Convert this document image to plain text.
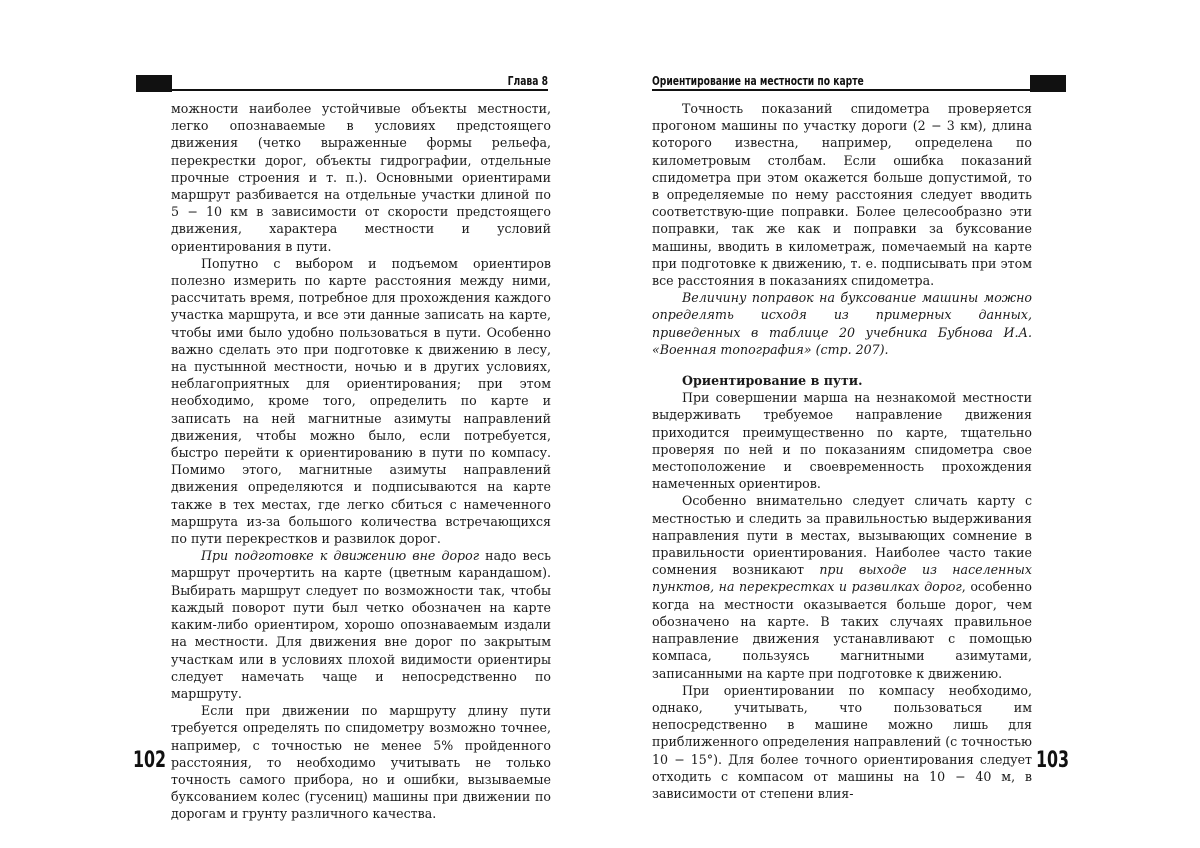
Глава 8

можности наиболее устойчивые объекты местности, легко опознаваемые в условиях предстоящего движения (четко выраженные формы рельефа, перекрестки дорог, объекты гидрографии, отдельные прочные строения и т. п.). Основными ориентирами маршрут разбивается на отдельные участки длиной по 5 − 10 км в зависимости от скорости предстоящего движения, характера местности и условий ориентирования в пути.

Попутно с выбором и подъемом ориентиров полезно измерить по карте расстояния между ними, рассчитать время, потребное для прохождения каждого участка маршрута, и все эти данные записать на карте, чтобы ими было удобно пользоваться в пути. Особенно важно сделать это при подготовке к движению в лесу, на пустынной местности, ночью и в других условиях, неблагоприятных для ориентирования; при этом необходимо, кроме того, определить по карте и записать на ней магнитные азимуты направлений движения, чтобы можно было, если потребуется, быстро перейти к ориентированию в пути по компасу. Помимо этого, магнитные азимуты направлений движения определяются и подписываются на карте также в тех местах, где легко сбиться с намеченного маршрута из-за большого количества встречающихся по пути перекрестков и развилок дорог.

При подготовке к движению вне дорог надо весь маршрут прочертить на карте (цветным карандашом). Выбирать маршрут следует по возможности так, чтобы каждый поворот пути был четко обозначен на карте каким-либо ориентиром, хорошо опознаваемым издали на местности. Для движения вне дорог по закрытым участкам или в условиях плохой видимости ориентиры следует намечать чаще и непосредственно по маршруту.

Если при движении по маршруту длину пути требуется определять по спидометру возможно точнее, например, с точностью не менее 5% пройденного расстояния, то необходимо учитывать не только точность самого прибора, но и ошибки, вызываемые буксованием колес (гусениц) машины при движении по дорогам и грунту различного качества.

102
Ориентирование на местности по карте

Точность показаний спидометра проверяется прогоном машины по участку дороги (2 − 3 км), длина которого известна, например, определена по километровым столбам. Если ошибка показаний спидометра при этом окажется больше допустимой, то в определяемые по нему расстояния следует вводить соответствую-щие поправки. Более целесообразно эти поправки, так же как и поправки за буксование машины, вводить в километраж, помечаемый на карте при подготовке к движению, т. е. подписывать при этом все расстояния в показаниях спидометра.

Величину поправок на буксование машины можно определять исходя из примерных данных, приведенных в таблице 20 учебника Бубнова И.А. «Военная топография» (стр. 207).

Ориентирование в пути.

При совершении марша на незнакомой местности выдерживать требуемое направление движения приходится преимущественно по карте, тщательно проверяя по ней и по показаниям спидометра свое местоположение и своевременность прохождения намеченных ориентиров.

Особенно внимательно следует сличать карту с местностью и следить за правильностью выдерживания направления пути в местах, вызывающих сомнение в правильности ориентирования. Наиболее часто такие сомнения возникают при выходе из населенных пунктов, на перекрестках и развилках дорог, особенно когда на местности оказывается больше дорог, чем обозначено на карте. В таких случаях правильное направление движения устанавливают с помощью компаса, пользуясь магнитными азимутами, записанными на карте при подготовке к движению.

При ориентировании по компасу необходимо, однако, учитывать, что пользоваться им непосредственно в машине можно лишь для приближенного определения направлений (с точностью 10 − 15°). Для более точного ориентирования следует отходить с компасом от машины на 10 − 40 м, в зависимости от степени влия-

103
